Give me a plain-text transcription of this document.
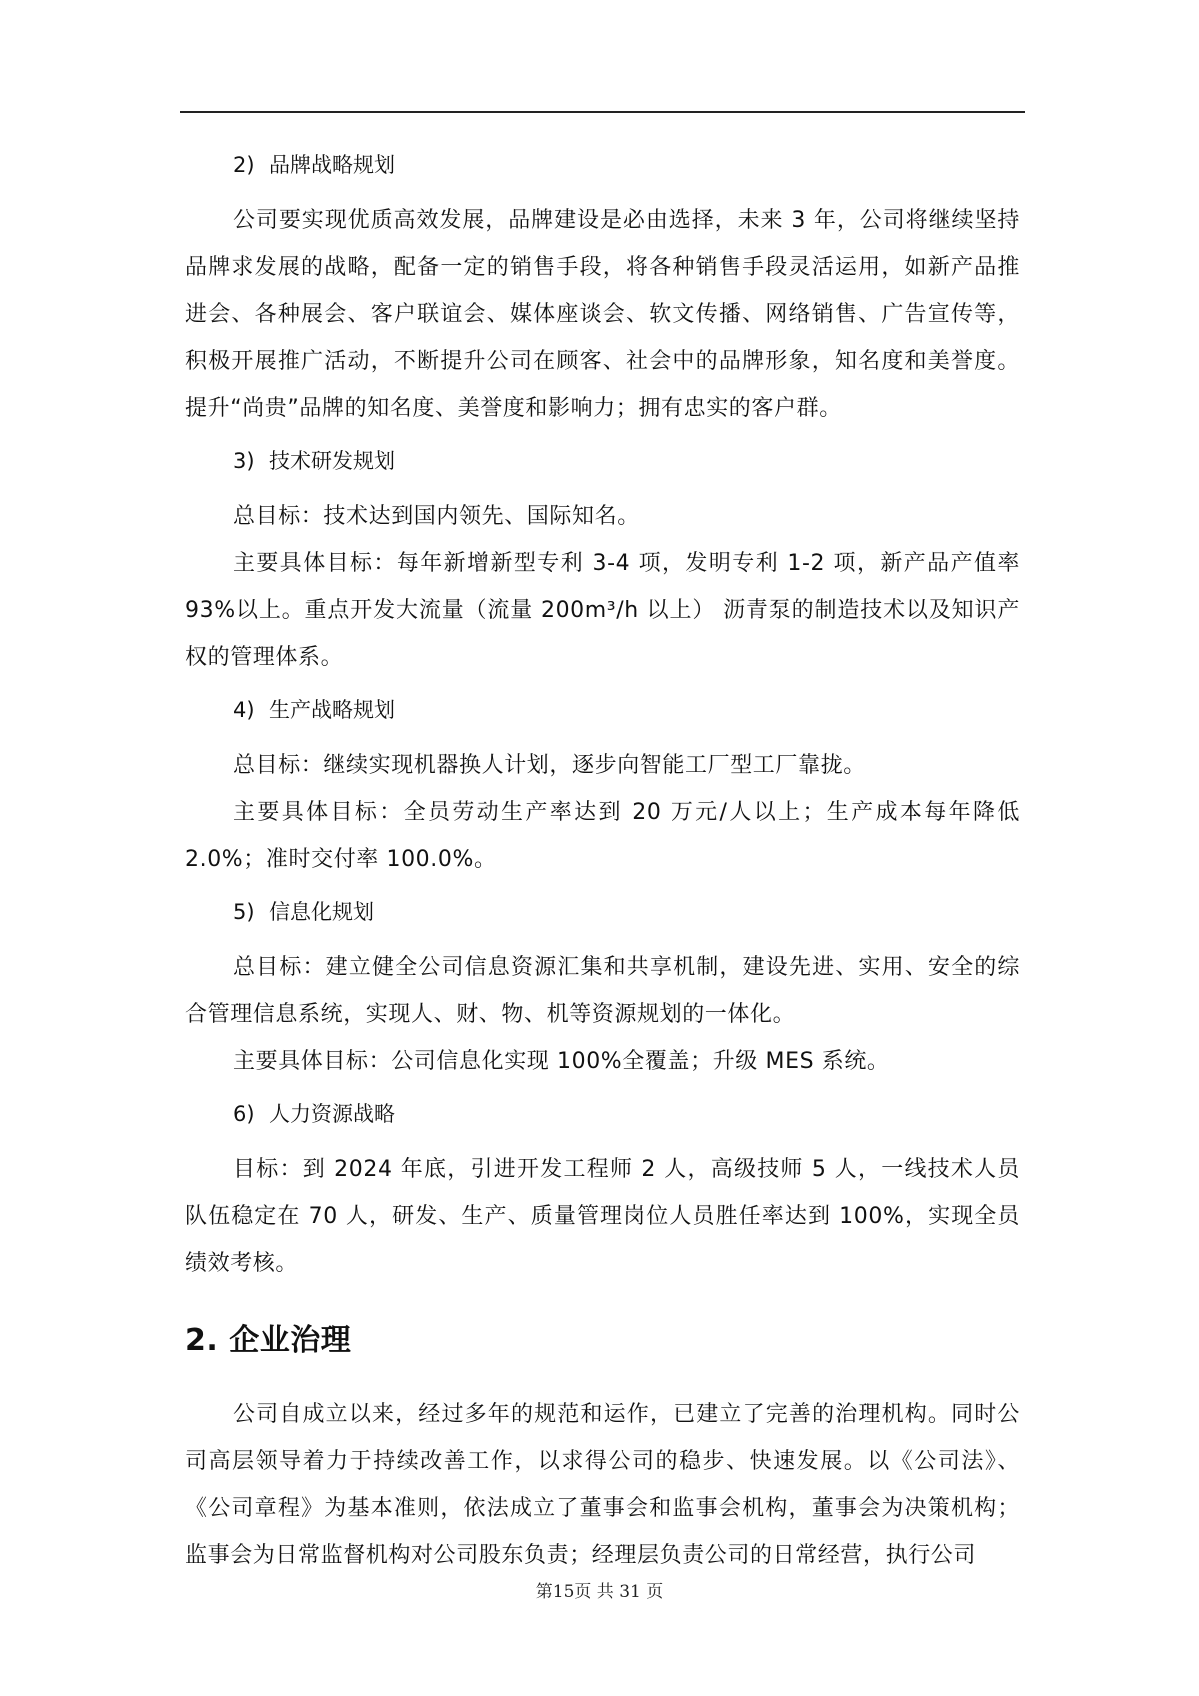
2) 品牌战略规划

公司要实现优质高效发展，品牌建设是必由选择，未来 3 年，公司将继续坚持品牌求发展的战略，配备一定的销售手段，将各种销售手段灵活运用，如新产品推进会、各种展会、客户联谊会、媒体座谈会、软文传播、网络销售、广告宣传等，积极开展推广活动，不断提升公司在顾客、社会中的品牌形象，知名度和美誉度。提升“尚贵”品牌的知名度、美誉度和影响力；拥有忠实的客户群。

3) 技术研发规划

总目标：技术达到国内领先、国际知名。

主要具体目标：每年新增新型专利 3-4 项，发明专利 1-2 项，新产品产值率 93%以上。重点开发大流量（流量 200m³/h 以上） 沥青泵的制造技术以及知识产权的管理体系。

4) 生产战略规划

总目标：继续实现机器换人计划，逐步向智能工厂型工厂靠拢。

主要具体目标：全员劳动生产率达到 20 万元/人以上；生产成本每年降低 2.0%；准时交付率 100.0%。

5) 信息化规划

总目标：建立健全公司信息资源汇集和共享机制，建设先进、实用、安全的综合管理信息系统，实现人、财、物、机等资源规划的一体化。

主要具体目标：公司信息化实现 100%全覆盖；升级 MES 系统。

6) 人力资源战略

目标：到 2024 年底，引进开发工程师 2 人，高级技师 5 人，一线技术人员队伍稳定在 70 人，研发、生产、质量管理岗位人员胜任率达到 100%，实现全员绩效考核。

2. 企业治理

公司自成立以来，经过多年的规范和运作，已建立了完善的治理机构。同时公司高层领导着力于持续改善工作，以求得公司的稳步、快速发展。以《公司法》、《公司章程》为基本准则，依法成立了董事会和监事会机构，董事会为决策机构；监事会为日常监督机构对公司股东负责；经理层负责公司的日常经营，执行公司

第15页 共 31 页
